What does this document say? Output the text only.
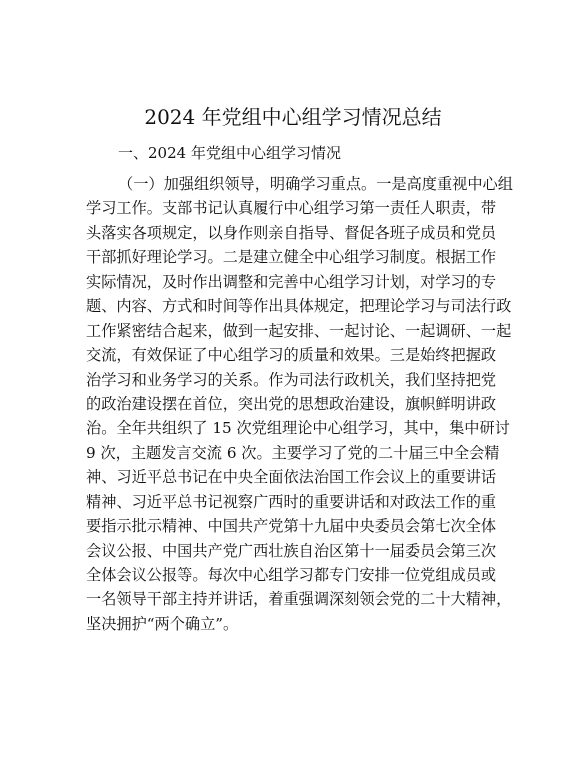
2024 年党组中心组学习情况总结
一、2024 年党组中心组学习情况
（一）加强组织领导，明确学习重点。一是高度重视中心组
学习工作。支部书记认真履行中心组学习第一责任人职责，带
头落实各项规定，以身作则亲自指导、督促各班子成员和党员
干部抓好理论学习。二是建立健全中心组学习制度。根据工作
实际情况，及时作出调整和完善中心组学习计划，对学习的专
题、内容、方式和时间等作出具体规定，把理论学习与司法行政
工作紧密结合起来，做到一起安排、一起讨论、一起调研、一起
交流，有效保证了中心组学习的质量和效果。三是始终把握政
治学习和业务学习的关系。作为司法行政机关，我们坚持把党
的政治建设摆在首位，突出党的思想政治建设，旗帜鲜明讲政
治。全年共组织了 15 次党组理论中心组学习，其中，集中研讨
9 次，主题发言交流 6 次。主要学习了党的二十届三中全会精
神、习近平总书记在中央全面依法治国工作会议上的重要讲话
精神、习近平总书记视察广西时的重要讲话和对政法工作的重
要指示批示精神、中国共产党第十九届中央委员会第七次全体
会议公报、中国共产党广西壮族自治区第十一届委员会第三次
全体会议公报等。每次中心组学习都专门安排一位党组成员或
一名领导干部主持并讲话，着重强调深刻领会党的二十大精神，
坚决拥护“两个确立”。
